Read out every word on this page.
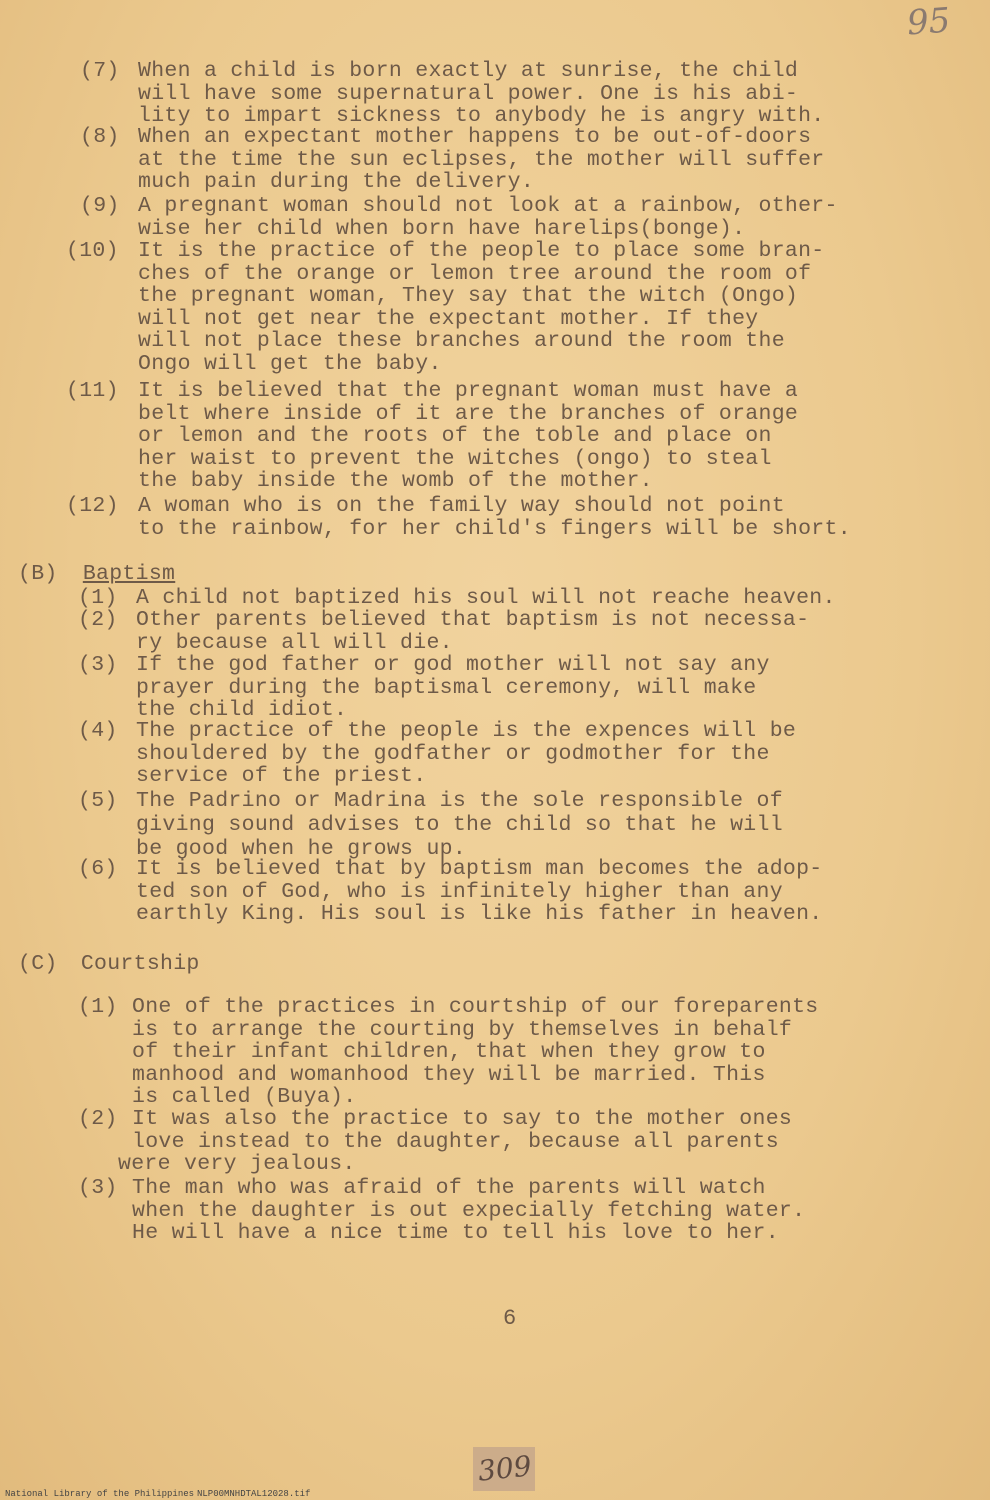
95
(7) When a child is born exactly at sunrise, the child
will have some supernatural power. One is his abi-
lity to impart sickness to anybody he is angry with.
(8) When an expectant mother happens to be out-of-doors
at the time the sun eclipses, the mother will suffer
much pain during the delivery.
(9) A pregnant woman should not look at a rainbow, other-
wise her child when born have harelips(bonge).
(10) It is the practice of the people to place some bran-
ches of the orange or lemon tree around the room of
the pregnant woman, They say that the witch (Ongo)
will not get near the expectant mother. If they
will not place these branches around the room the
Ongo will get the baby.
(11) It is believed that the pregnant woman must have a
belt where inside of it are the branches of orange
or lemon and the roots of the toble and place on
her waist to prevent the witches (ongo) to steal
the baby inside the womb of the mother.
(12) A woman who is on the family way should not point
to the rainbow, for her child's fingers will be short.
(B) Baptism
(1) A child not baptized his soul will not reache heaven.
(2) Other parents believed that baptism is not necessa-
ry because all will die.
(3) If the god father or god mother will not say any
prayer during the baptismal ceremony, will make
the child idiot.
(4) The practice of the people is the expences will be
shouldered by the godfather or godmother for the
service of the priest.
(5) The Padrino or Madrina is the sole responsible of
giving sound advises to the child so that he will
be good when he grows up.
(6) It is believed that by baptism man becomes the adop-
ted son of God, who is infinitely higher than any
earthly King. His soul is like his father in heaven.
(C) Courtship
(1) One of the practices in courtship of our foreparents
is to arrange the courting by themselves in behalf
of their infant children, that when they grow to
manhood and womanhood they will be married. This
is called (Buya).
(2) It was also the practice to say to the mother ones
love instead to the daughter, because all parents
were very jealous.
(3) The man who was afraid of the parents will watch
when the daughter is out expecially fetching water.
He will have a nice time to tell his love to her.
6
309
National Library of the Philippines NLP00MNHDTAL12028.tif
